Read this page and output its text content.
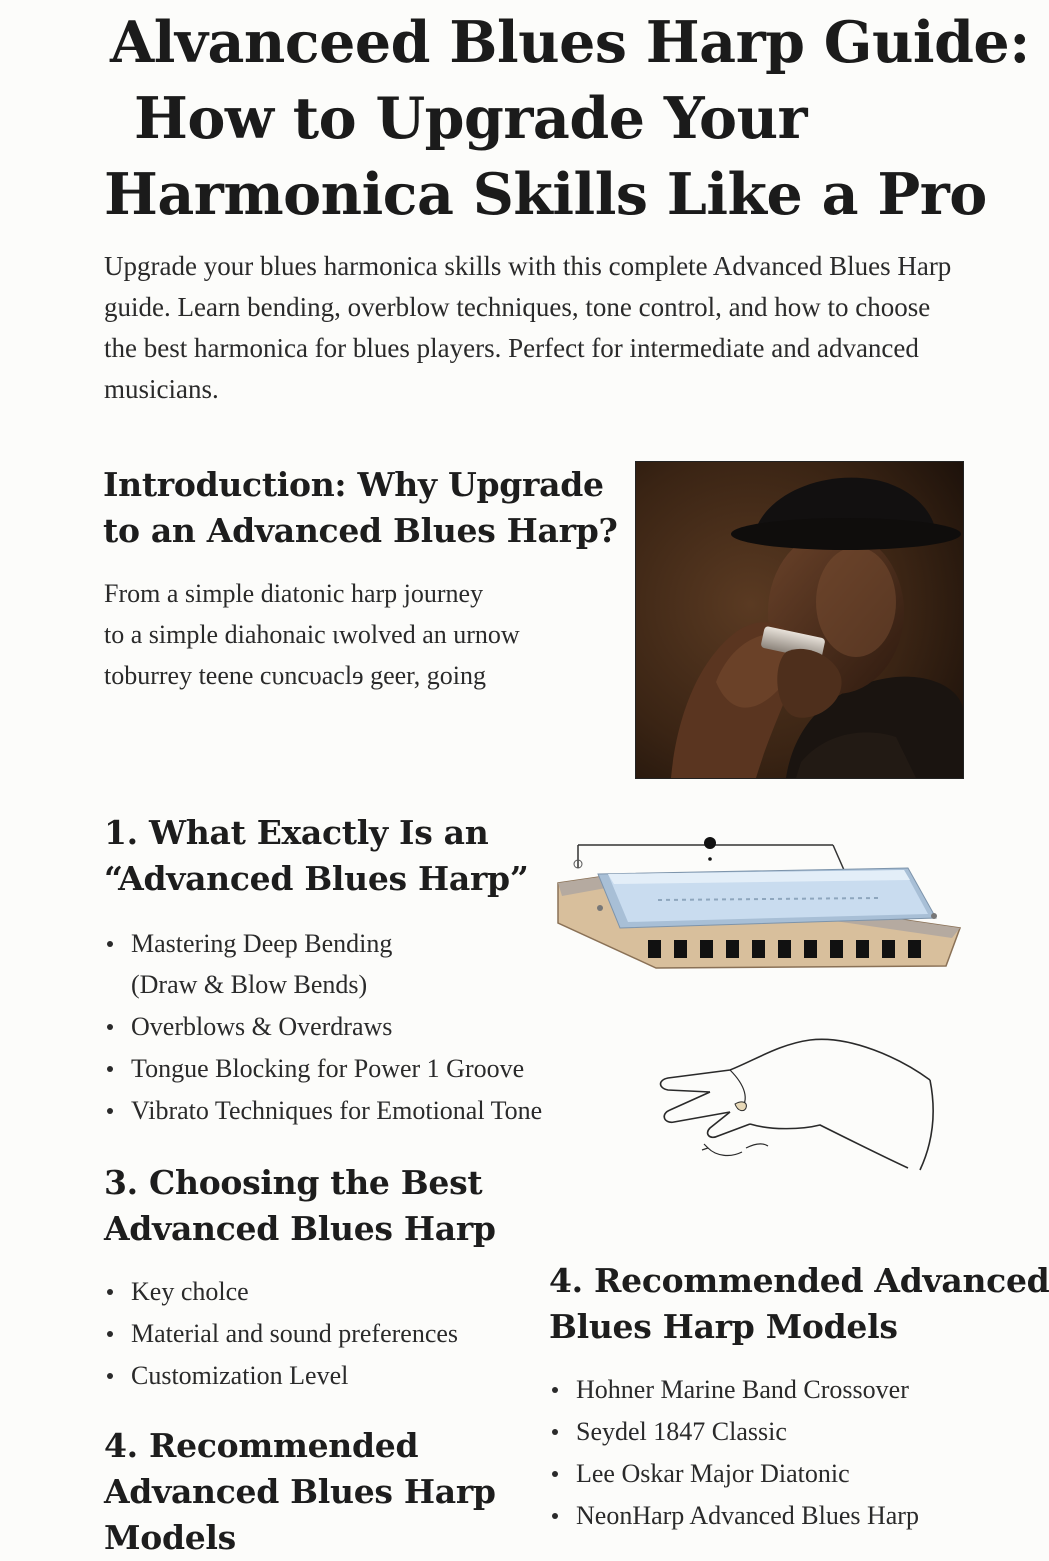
Alvanceed Blues Harp Guide:
How to Upgrade Your
Harmonica Skills Like a Pro

Upgrade your blues harmonica skills with this complete Advanced Blues Harp guide. Learn bending, overblow techniques, tone control, and how to choose the best harmonica for blues players. Perfect for intermediate and advanced musicians.

Introduction: Why Upgrade
to an Advanced Blues Harp?

From a simple diatonic harp journey
to a simple diahonaic ιwolved an urnow
toburrey teene cυncυaclɘ geer, going

1. What Exactly Is an
“Advanced Blues Harp”
Mastering Deep Bending
(Draw & Blow Bends)
Overblows & Overdraws
Tongue Blocking for Power 1 Groove
Vibrato Techniques for Emotional Tone
3. Choosing the Best
Advanced Blues Harp
Key cholce
Material and sound preferences
Customization Level
4. Recommended
Advanced Blues Harp
Models
4. Recommended Advanced
Blues Harp Models
Hohner Marine Band Crossover
Seydel 1847 Classic
Lee Oskar Major Diatonic
NeonHarp Advanced Blues Harp
